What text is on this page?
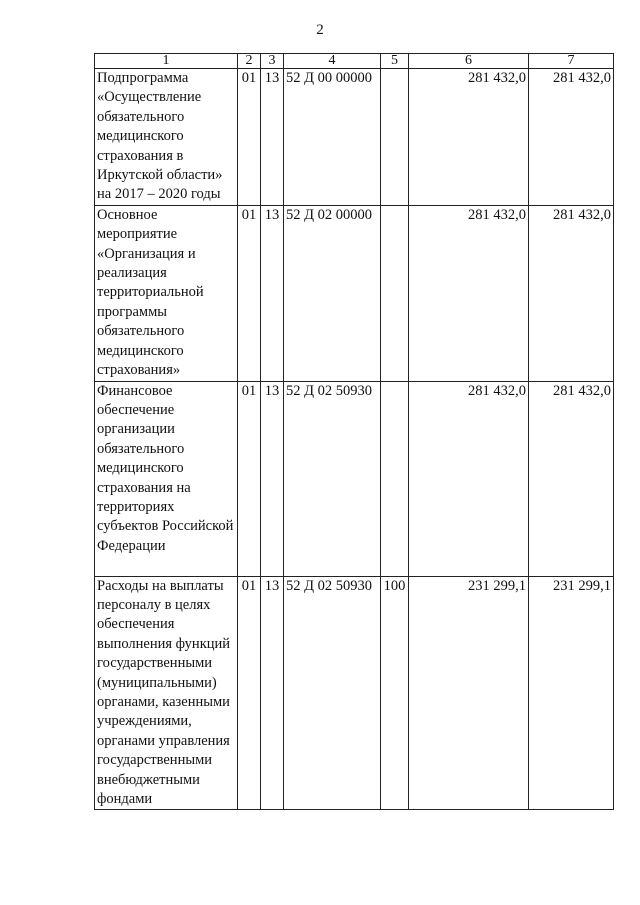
2
1	2	3	4	5	6	7
Подпрограмма «Осуществление обязательного медицинского страхования в Иркутской области» на 2017 – 2020 годы	01	13	52 Д 00 00000		281 432,0	281 432,0
Основное мероприятие «Организация и реализация территориальной программы обязательного медицинского страхования»	01	13	52 Д 02 00000		281 432,0	281 432,0
Финансовое обеспечение организации обязательного медицинского страхования на территориях субъектов Российской Федерации	01	13	52 Д 02 50930		281 432,0	281 432,0
Расходы на выплаты персоналу в целях обеспечения выполнения функций государственными (муниципальными) органами, казенными учреждениями, органами управления государственными внебюджетными фондами	01	13	52 Д 02 50930	100	231 299,1	231 299,1
